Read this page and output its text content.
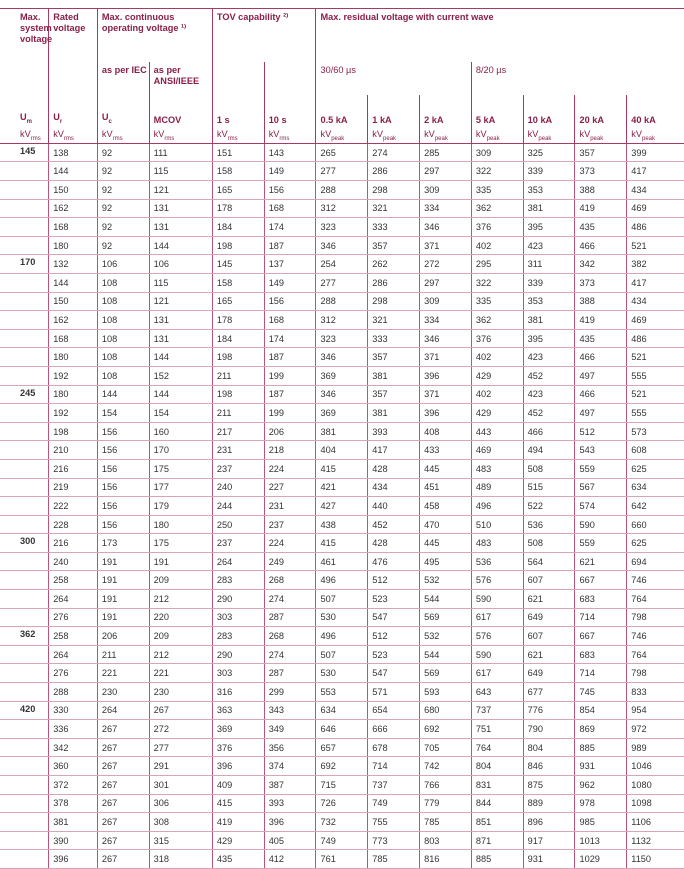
Max. system voltage	Rated voltage	Max. continuous operating voltage ¹⁾		TOV capability ²⁾		Max. residual voltage with current wave						
		as per IEC	as per ANSI/IEEE			30/60 µs			8/20 µs			
$U_m$	$U_r$	$U_c$	MCOV	1 s	10 s	0.5 kA	1 kA	2 kA	5 kA	10 kA	20 kA	40 kA
$kV_{rms}$	$kV_{rms}$	$kV_{rms}$	$kV_{rms}$	$kV_{rms}$	$kV_{rms}$	$kV_{peak}$	$kV_{peak}$	$kV_{peak}$	$kV_{peak}$	$kV_{peak}$	$kV_{peak}$	$kV_{peak}$
145	138	92	111	151	143	265	274	285	309	325	357	399
	144	92	115	158	149	277	286	297	322	339	373	417
	150	92	121	165	156	288	298	309	335	353	388	434
	162	92	131	178	168	312	321	334	362	381	419	469
	168	92	131	184	174	323	333	346	376	395	435	486
	180	92	144	198	187	346	357	371	402	423	466	521
170	132	106	106	145	137	254	262	272	295	311	342	382
	144	108	115	158	149	277	286	297	322	339	373	417
	150	108	121	165	156	288	298	309	335	353	388	434
	162	108	131	178	168	312	321	334	362	381	419	469
	168	108	131	184	174	323	333	346	376	395	435	486
	180	108	144	198	187	346	357	371	402	423	466	521
	192	108	152	211	199	369	381	396	429	452	497	555
245	180	144	144	198	187	346	357	371	402	423	466	521
	192	154	154	211	199	369	381	396	429	452	497	555
	198	156	160	217	206	381	393	408	443	466	512	573
	210	156	170	231	218	404	417	433	469	494	543	608
	216	156	175	237	224	415	428	445	483	508	559	625
	219	156	177	240	227	421	434	451	489	515	567	634
	222	156	179	244	231	427	440	458	496	522	574	642
	228	156	180	250	237	438	452	470	510	536	590	660
300	216	173	175	237	224	415	428	445	483	508	559	625
	240	191	191	264	249	461	476	495	536	564	621	694
	258	191	209	283	268	496	512	532	576	607	667	746
	264	191	212	290	274	507	523	544	590	621	683	764
	276	191	220	303	287	530	547	569	617	649	714	798
362	258	206	209	283	268	496	512	532	576	607	667	746
	264	211	212	290	274	507	523	544	590	621	683	764
	276	221	221	303	287	530	547	569	617	649	714	798
	288	230	230	316	299	553	571	593	643	677	745	833
420	330	264	267	363	343	634	654	680	737	776	854	954
	336	267	272	369	349	646	666	692	751	790	869	972
	342	267	277	376	356	657	678	705	764	804	885	989
	360	267	291	396	374	692	714	742	804	846	931	1046
	372	267	301	409	387	715	737	766	831	875	962	1080
	378	267	306	415	393	726	749	779	844	889	978	1098
	381	267	308	419	396	732	755	785	851	896	985	1106
	390	267	315	429	405	749	773	803	871	917	1013	1132
	396	267	318	435	412	761	785	816	885	931	1029	1150
